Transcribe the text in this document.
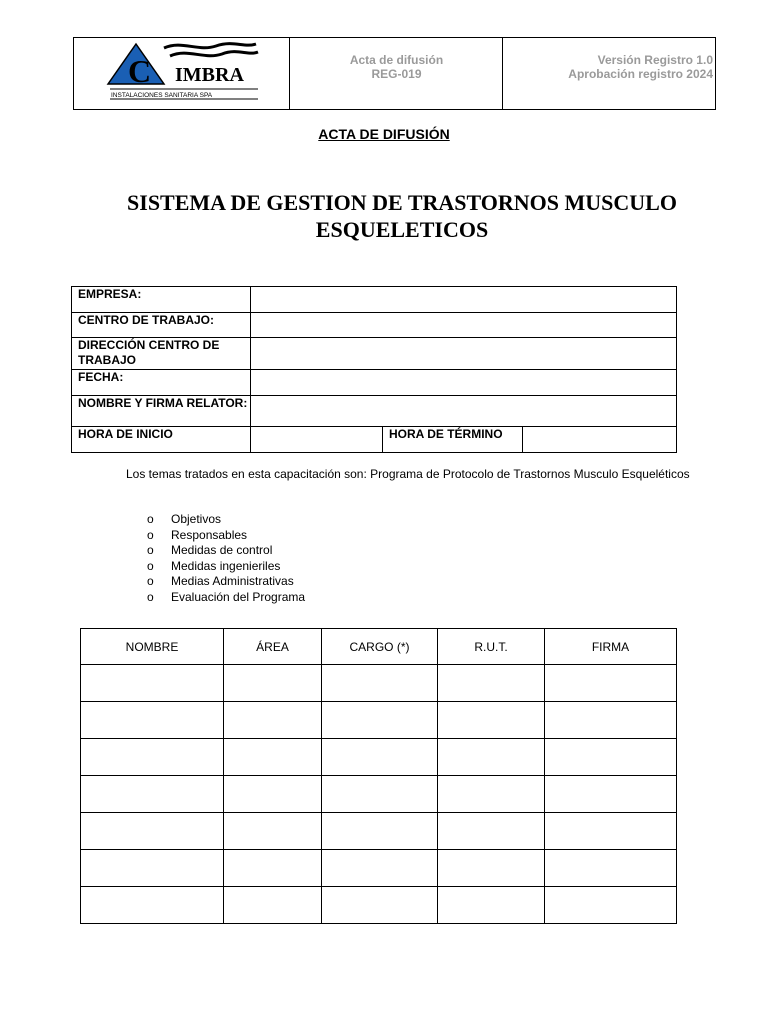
C IMBRA
INSTALACIONES SANITARIA SPA
Acta de difusión
REG-019
Versión Registro 1.0
Aprobación registro 2024
ACTA DE DIFUSIÓN
SISTEMA DE GESTION DE TRASTORNOS MUSCULO
ESQUELETICOS
EMPRESA:			
CENTRO DE TRABAJO:			
DIRECCIÓN CENTRO DE TRABAJO			
FECHA:			
NOMBRE Y FIRMA RELATOR:			
HORA DE INICIO		HORA DE TÉRMINO	
Los temas tratados en esta capacitación son: Programa de Protocolo de Trastornos Musculo Esqueléticos
o Objetivos
o Responsables
o Medidas de control
o Medidas ingenieriles
o Medias Administrativas
o Evaluación del Programa
NOMBRE	ÁREA	CARGO (*)	R.U.T.	FIRMA
